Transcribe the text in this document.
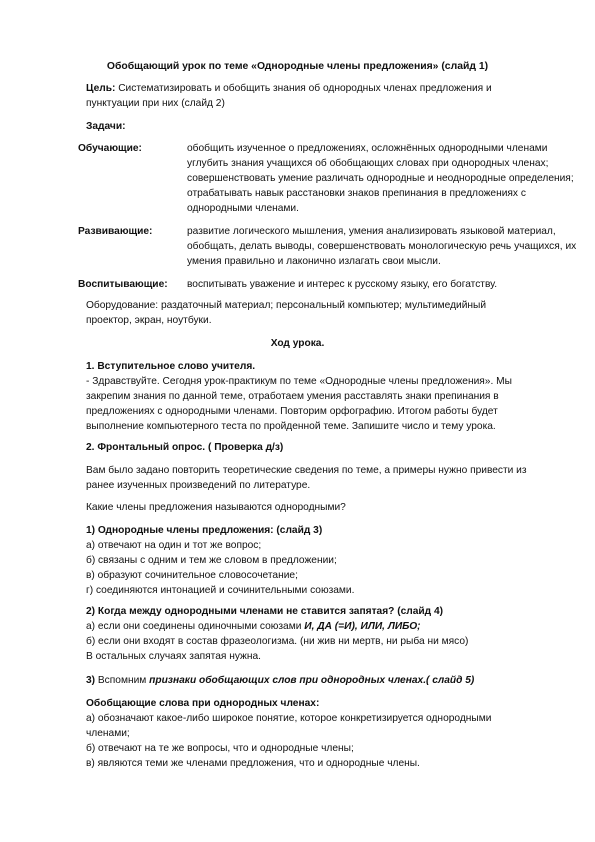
Обобщающий урок по теме «Однородные члены предложения» (слайд 1)
Цель: Систематизировать и обобщить знания об однородных членах предложения и
пунктуации при них (слайд 2)
Задачи:
Обучающие:	обобщить изученное о предложениях, осложнённых однородными членами
углубить знания учащихся об обобщающих словах при однородных членах;
совершенствовать умение различать однородные и неоднородные определения;
отрабатывать навык расстановки знаков препинания в предложениях с
однородными членами.
Развивающие:	развитие логического мышления, умения анализировать языковой материал,
обобщать, делать выводы, совершенствовать монологическую речь учащихся, их
умения правильно и лаконично излагать свои мысли.
Воспитывающие: воспитывать уважение и интерес к русскому языку, его богатству.
Оборудование: раздаточный материал; персональный компьютер; мультимедийный
проектор, экран, ноутбуки.
Ход урока.
1. Вступительное слово учителя.
- Здравствуйте. Сегодня урок-практикум по теме «Однородные члены предложения». Мы
закрепим знания по данной теме, отработаем умения расставлять знаки препинания в
предложениях с однородными членами. Повторим орфографию. Итогом работы будет
выполнение компьютерного теста по пройденной теме. Запишите число и тему урока.
2. Фронтальный опрос. ( Проверка д/з)
Вам было задано повторить теоретические сведения по теме, а примеры нужно привести из
ранее изученных произведений по литературе.
Какие члены предложения называются однородными?
1) Однородные члены предложения: (слайд 3)
а) отвечают на один и тот же вопрос;
б) связаны с одним и тем же словом в предложении;
в) образуют сочинительное словосочетание;
г) соединяются интонацией и сочинительными союзами.
2) Когда между однородными членами не ставится запятая? (слайд 4)
а) если они соединены одиночными союзами И, ДА (=И), ИЛИ, ЛИБО;
б) если они входят в состав фразеологизма. (ни жив ни мертв, ни рыба ни мясо)
В остальных случаях запятая нужна.
3) Вспомним признаки обобщающих слов при однородных членах.( слайд 5)
Обобщающие слова при однородных членах:
а) обозначают какое-либо широкое понятие, которое конкретизируется однородными
членами;
б) отвечают на те же вопросы, что и однородные члены;
в) являются теми же членами предложения, что и однородные члены.
